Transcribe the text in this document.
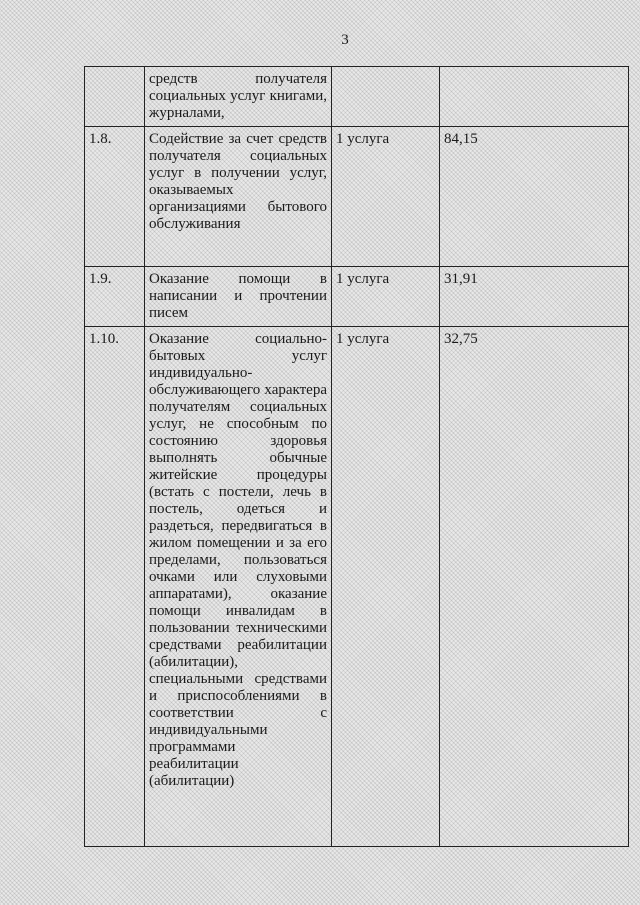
3
	средств получателя социальных услуг книгами, журналами,		
1.8.	Содействие за счет средств получателя социальных услуг в получении услуг, оказываемых организациями бытового обслуживания	1 услуга	84,15
1.9.	Оказание помощи в написании и прочтении писем	1 услуга	31,91
1.10.	Оказание социально-бытовых услуг индивидуально-обслуживающего характера получателям социальных услуг, не способным по состоянию здоровья выполнять обычные житейские процедуры (встать с постели, лечь в постель, одеться и раздеться, передвигаться в жилом помещении и за его пределами, пользоваться очками или слуховыми аппаратами), оказание помощи инвалидам в пользовании техническими средствами реабилитации (абилитации), специальными средствами и приспособлениями в соответствии с индивидуальными программами реабилитации (абилитации)	1 услуга	32,75
